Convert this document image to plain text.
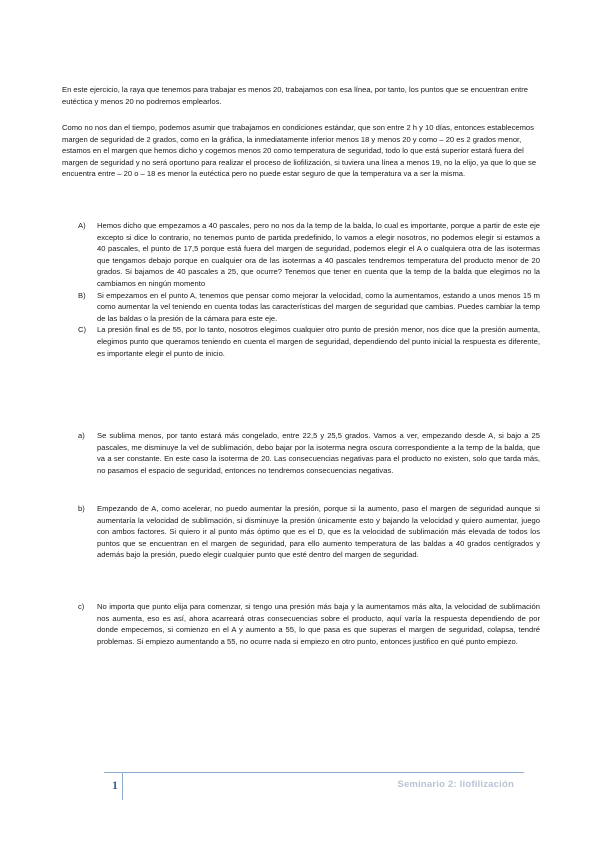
En este ejercicio, la raya que tenemos para trabajar es menos 20, trabajamos con esa línea, por tanto, los puntos que se encuentran entre eutéctica y menos 20 no podremos emplearlos.

Como no nos dan el tiempo, podemos asumir que trabajamos en condiciones estándar, que son entre 2 h y 10 días, entonces establecemos margen de seguridad de 2 grados, como en la gráfica, la inmediatamente inferior menos 18 y menos 20 y como – 20 es 2 grados menor, estamos en el margen que hemos dicho y cogemos menos 20 como temperatura de seguridad, todo lo que está superior estará fuera del margen de seguridad y no será oportuno para realizar el proceso de liofilización, si tuviera una línea a menos 19, no la elijo, ya que lo que se encuentra entre – 20 o – 18 es menor la eutéctica pero no puede estar seguro de que la temperatura va a ser la misma.

A) Hemos dicho que empezamos a 40 pascales, pero no nos da la temp de la balda, lo cual es importante, porque a partir de este eje excepto si dice lo contrario, no tenemos punto de partida predefinido, lo vamos a elegir nosotros, no podemos elegir si estamos a 40 pascales, el punto de 17,5 porque está fuera del margen de seguridad, podemos elegir el A o cualquiera otra de las isotermas que tengamos debajo porque en cualquier ora de las isotermas a 40 pascales tendremos temperatura del producto menor de 20 grados. Si bajamos de 40 pascales a 25, que ocurre? Tenemos que tener en cuenta que la temp de la balda que elegimos no la cambiamos en ningún momento
B) Si empezamos en el punto A, tenemos que pensar como mejorar la velocidad, como la aumentamos, estando a unos menos 15 m como aumentar la vel teniendo en cuenta todas las características del margen de seguridad que cambias. Puedes cambiar la temp de las baldas o la presión de la cámara para este eje.
C) La presión final es de 55, por lo tanto, nosotros elegimos cualquier otro punto de presión menor, nos dice que la presión aumenta, elegimos punto que queramos teniendo en cuenta el margen de seguridad, dependiendo del punto inicial la respuesta es diferente, es importante elegir el punto de inicio.
a) Se sublima menos, por tanto estará más congelado, entre 22,5 y 25,5 grados. Vamos a ver, empezando desde A, si bajo a 25 pascales, me disminuye la vel de sublimación, debo bajar por la isoterma negra oscura correspondiente a la temp de la balda, que va a ser constante. En este caso la isoterma de 20. Las consecuencias negativas para el producto no existen, solo que tarda más, no pasamos el espacio de seguridad, entonces no tendremos consecuencias negativas.
b) Empezando de A, como acelerar, no puedo aumentar la presión, porque si la aumento, paso el margen de seguridad aunque si aumentaría la velocidad de sublimación, si disminuye la presión únicamente esto y bajando la velocidad y quiero aumentar, juego con ambos factores. Si quiero ir al punto más óptimo que es el D, que es la velocidad de sublimación más elevada de todos los puntos que se encuentran en el margen de seguridad, para ello aumento temperatura de las baldas a 40 grados centígrados y además bajo la presión, puedo elegir cualquier punto que esté dentro del margen de seguridad.
c) No importa que punto elija para comenzar, si tengo una presión más baja y la aumentamos más alta, la velocidad de sublimación nos aumenta, eso es así, ahora acarreará otras consecuencias sobre el producto, aquí varía la respuesta dependiendo de por donde empecemos, si comienzo en el A y aumento a 55, lo que pasa es que superas el margen de seguridad, colapsa, tendré problemas. Si empiezo aumentando a 55, no ocurre nada si empiezo en otro punto, entonces justifico en qué punto empiezo.
1	Seminario 2: liofilización
